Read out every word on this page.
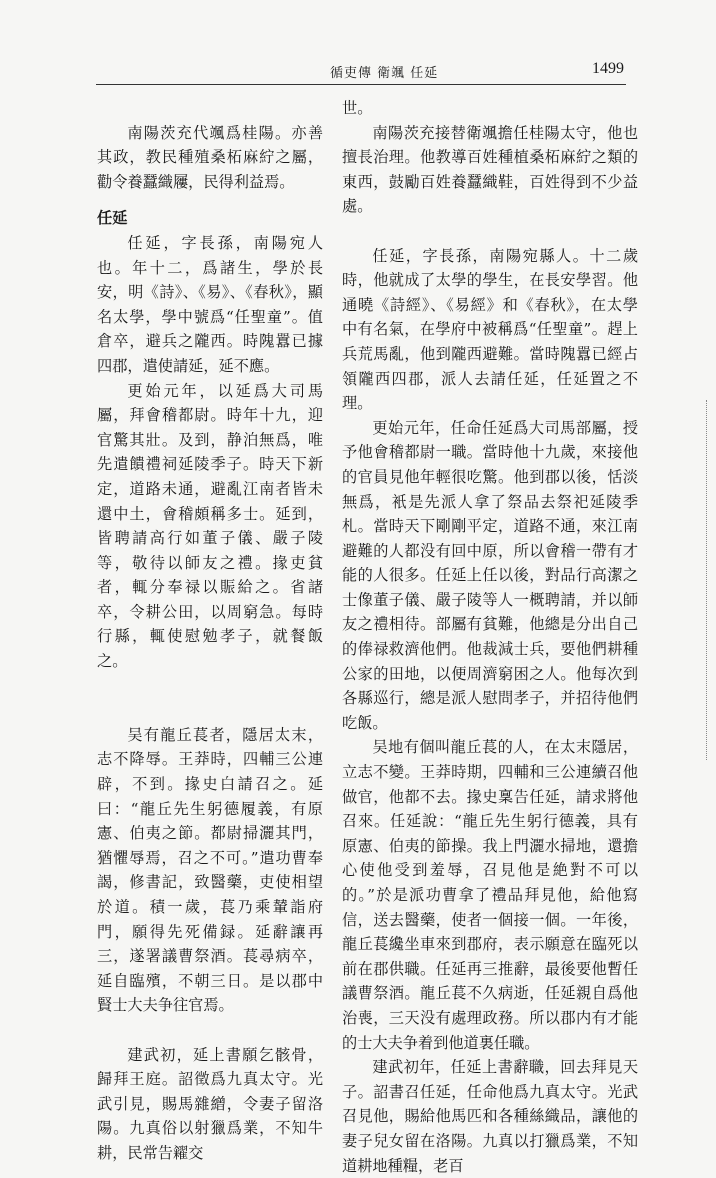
循吏傳 衛颯 任延	1499
南陽茨充代颯爲桂陽。亦善其政，教民種殖桑柘麻紵之屬，勸令養蠶織屨，民得利益焉。
任延
任延，字長孫，南陽宛人也。年十二，爲諸生，學於長安，明《詩》、《易》、《春秋》，顯名太學，學中號爲“任聖童”。值倉卒，避兵之隴西。時隗囂已據四郡，遣使請延，延不應。
更始元年，以延爲大司馬屬，拜會稽都尉。時年十九，迎官驚其壯。及到，静泊無爲，唯先遣饋禮祠延陵季子。時天下新定，道路未通，避亂江南者皆未還中土，會稽頗稱多士。延到，皆聘請高行如董子儀、嚴子陵等，敬待以師友之禮。掾吏貧者，輒分奉禄以賑給之。省諸卒，令耕公田，以周窮急。每時行縣，輒使慰勉孝子，就餐飯之。
吴有龍丘萇者，隱居太末，志不降辱。王莽時，四輔三公連辟，不到。掾史白請召之。延曰：“龍丘先生躬德履義，有原憲、伯夷之節。都尉掃灑其門，猶懼辱焉，召之不可。”遣功曹奉謁，修書記，致醫藥，吏使相望於道。積一歲，萇乃乘輦詣府門，願得先死備録。延辭讓再三，遂署議曹祭酒。萇尋病卒，延自臨殯，不朝三日。是以郡中賢士大夫争往官焉。
建武初，延上書願乞骸骨，歸拜王庭。詔徵爲九真太守。光武引見，賜馬雜繒，令妻子留洛陽。九真俗以射獵爲業，不知牛耕，民常告糴交
世。
南陽茨充接替衛颯擔任桂陽太守，他也擅長治理。他教導百姓種植桑柘麻紵之類的東西，鼓勵百姓養蠶織鞋，百姓得到不少益處。
任延，字長孫，南陽宛縣人。十二歲時，他就成了太學的學生，在長安學習。他通曉《詩經》、《易經》和《春秋》，在太學中有名氣，在學府中被稱爲“任聖童”。趕上兵荒馬亂，他到隴西避難。當時隗囂已經占領隴西四郡，派人去請任延，任延置之不理。
更始元年，任命任延爲大司馬部屬，授予他會稽都尉一職。當時他十九歲，來接他的官員見他年輕很吃驚。他到郡以後，恬淡無爲，衹是先派人拿了祭品去祭祀延陵季札。當時天下剛剛平定，道路不通，來江南避難的人都没有回中原，所以會稽一帶有才能的人很多。任延上任以後，對品行高潔之士像董子儀、嚴子陵等人一概聘請，并以師友之禮相待。部屬有貧難，他總是分出自己的俸禄救濟他們。他裁減士兵，要他們耕種公家的田地，以便周濟窮困之人。他每次到各縣巡行，總是派人慰問孝子，并招待他們吃飯。
吴地有個叫龍丘萇的人，在太末隱居，立志不變。王莽時期，四輔和三公連續召他做官，他都不去。掾史稟告任延，請求將他召來。任延說：“龍丘先生躬行德義，具有原憲、伯夷的節操。我上門灑水掃地，還擔心使他受到羞辱，召見他是絶對不可以的。”於是派功曹拿了禮品拜見他，給他寫信，送去醫藥，使者一個接一個。一年後，龍丘萇纔坐車來到郡府，表示願意在臨死以前在郡供職。任延再三推辭，最後要他暫任議曹祭酒。龍丘萇不久病逝，任延親自爲他治喪，三天没有處理政務。所以郡内有才能的士大夫争着到他道裏任職。
建武初年，任延上書辭職，回去拜見天子。詔書召任延，任命他爲九真太守。光武召見他，賜給他馬匹和各種絲織品，讓他的妻子兒女留在洛陽。九真以打獵爲業，不知道耕地種糧，老百
